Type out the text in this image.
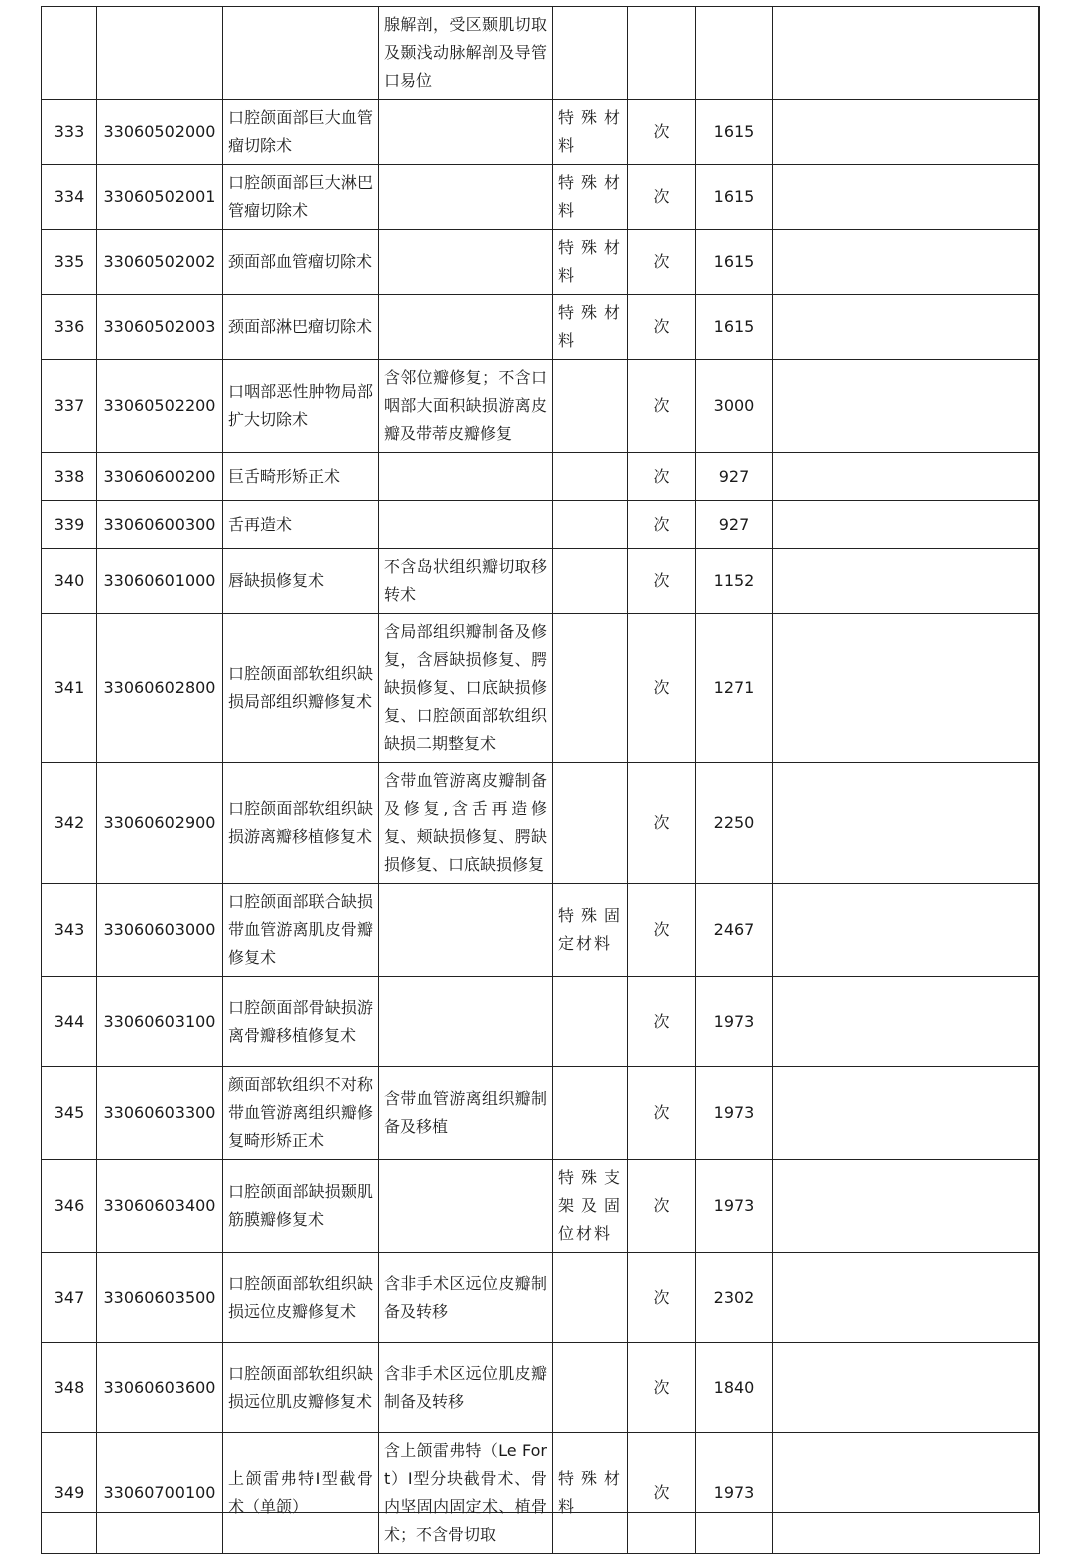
			腺解剖，受区颞肌切取及颞浅动脉解剖及导管口易位				
333	33060502000	口腔颌面部巨大血管瘤切除术		特殊材料	次	1615	
334	33060502001	口腔颌面部巨大淋巴管瘤切除术		特殊材料	次	1615	
335	33060502002	颈面部血管瘤切除术		特殊材料	次	1615	
336	33060502003	颈面部淋巴瘤切除术		特殊材料	次	1615	
337	33060502200	口咽部恶性肿物局部扩大切除术	含邻位瓣修复；不含口咽部大面积缺损游离皮瓣及带蒂皮瓣修复		次	3000	
338	33060600200	巨舌畸形矫正术			次	927	
339	33060600300	舌再造术			次	927	
340	33060601000	唇缺损修复术	不含岛状组织瓣切取移转术		次	1152	
341	33060602800	口腔颌面部软组织缺损局部组织瓣修复术	含局部组织瓣制备及修复，含唇缺损修复、腭缺损修复、口底缺损修复、口腔颌面部软组织缺损二期整复术		次	1271	
342	33060602900	口腔颌面部软组织缺损游离瓣移植修复术	含带血管游离皮瓣制备及修复,含舌再造修复、颊缺损修复、腭缺损修复、口底缺损修复		次	2250	
343	33060603000	口腔颌面部联合缺损带血管游离肌皮骨瓣修复术		特殊固定材料	次	2467	
344	33060603100	口腔颌面部骨缺损游离骨瓣移植修复术			次	1973	
345	33060603300	颜面部软组织不对称带血管游离组织瓣修复畸形矫正术	含带血管游离组织瓣制备及移植		次	1973	
346	33060603400	口腔颌面部缺损颞肌筋膜瓣修复术		特殊支架及固位材料	次	1973	
347	33060603500	口腔颌面部软组织缺损远位皮瓣修复术	含非手术区远位皮瓣制备及转移		次	2302	
348	33060603600	口腔颌面部软组织缺损远位肌皮瓣修复术	含非手术区远位肌皮瓣制备及转移		次	1840	
349	33060700100	上颌雷弗特Ⅰ型截骨术（单颌）	含上颌雷弗特（Le Fort）Ⅰ型分块截骨术、骨内坚固内固定术、植骨术；不含骨切取	特殊材料	次	1973	
